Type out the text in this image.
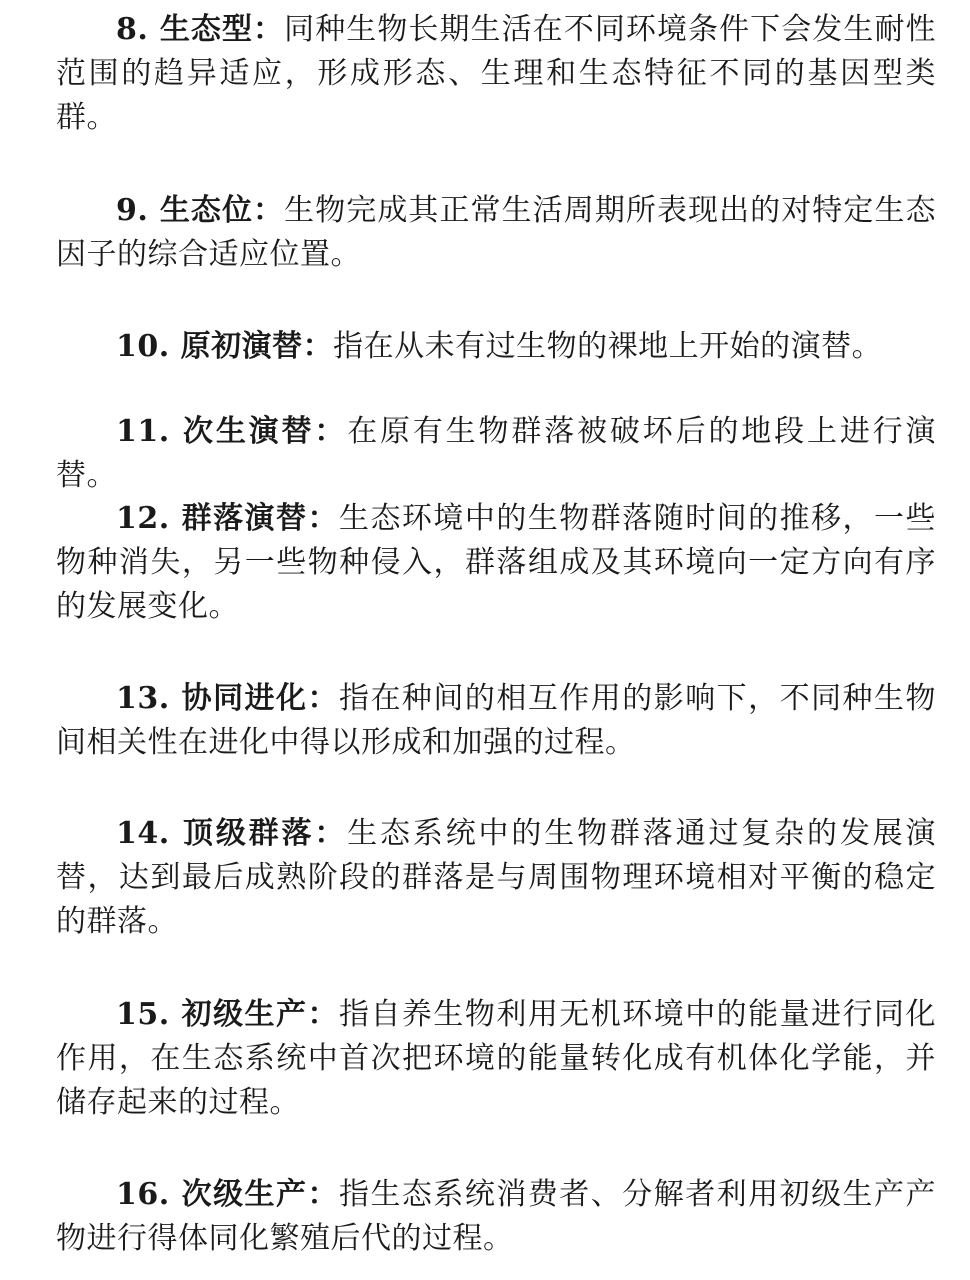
8. 生态型：同种生物长期生活在不同环境条件下会发生耐性范围的趋异适应，形成形态、生理和生态特征不同的基因型类群。

9. 生态位：生物完成其正常生活周期所表现出的对特定生态因子的综合适应位置。

10. 原初演替：指在从未有过生物的裸地上开始的演替。

11. 次生演替：在原有生物群落被破坏后的地段上进行演替。

12. 群落演替：生态环境中的生物群落随时间的推移，一些物种消失，另一些物种侵入，群落组成及其环境向一定方向有序的发展变化。

13. 协同进化：指在种间的相互作用的影响下，不同种生物间相关性在进化中得以形成和加强的过程。

14. 顶级群落：生态系统中的生物群落通过复杂的发展演替，达到最后成熟阶段的群落是与周围物理环境相对平衡的稳定的群落。

15. 初级生产：指自养生物利用无机环境中的能量进行同化作用，在生态系统中首次把环境的能量转化成有机体化学能，并储存起来的过程。

16. 次级生产：指生态系统消费者、分解者利用初级生产产物进行得体同化繁殖后代的过程。
